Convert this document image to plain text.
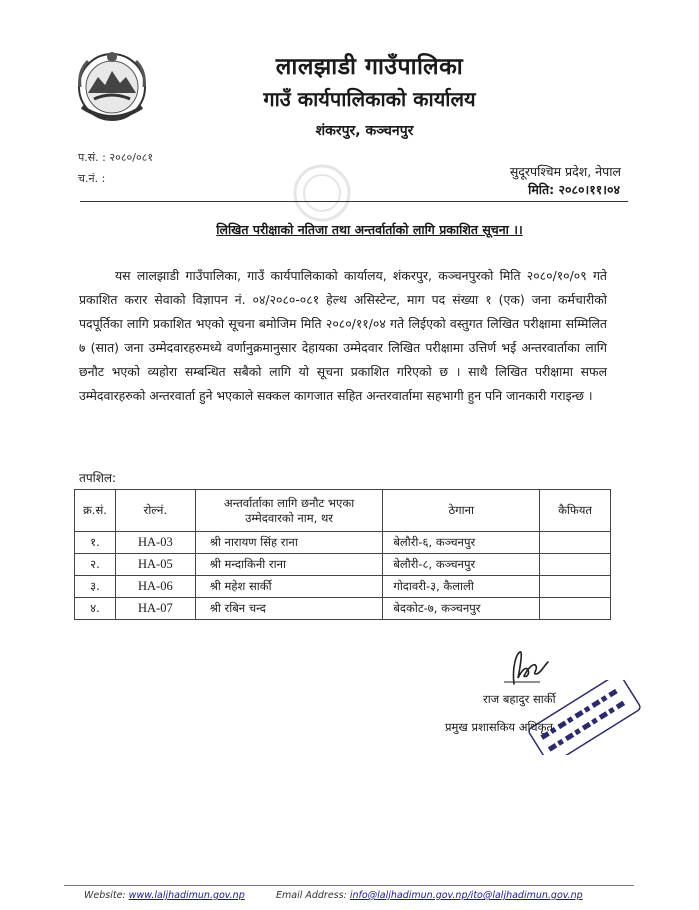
लालझाडी गाउँपालिका
गाउँ कार्यपालिकाको कार्यालय
शंकरपुर, कञ्चनपुर
प.सं. : २०८०/०८१
च.नं. :	सुदूरपश्चिम प्रदेश, नेपाल
मिति: २०८०।११।०४
लिखित परीक्षाको नतिजा तथा अन्तर्वार्ताको लागि प्रकाशित सूचना ।।
यस लालझाडी गाउँपालिका, गाउँ कार्यपालिकाको कार्यालय, शंकरपुर, कञ्चनपुरको मिति २०८०/१०/०९ गते प्रकाशित करार सेवाको विज्ञापन नं. ०४/२०८०-०८१ हेल्थ असिस्टेन्ट, माग पद संख्या १ (एक) जना कर्मचारीको पदपूर्तिका लागि प्रकाशित भएको सूचना बमोजिम मिति २०८०/११/०४ गते लिईएको वस्तुगत लिखित परीक्षामा सम्मिलित ७ (सात) जना उम्मेदवारहरुमध्ये वर्णानुक्रमानुसार देहायका उम्मेदवार लिखित परीक्षामा उत्तिर्ण भई अन्तरवार्ताका लागि छनौट भएको व्यहोरा सम्बन्धित सबैको लागि यो सूचना प्रकाशित गरिएको छ । साथै लिखित परीक्षामा सफल उम्मेदवारहरुको अन्तरवार्ता हुने भएकाले सक्कल कागजात सहित अन्तरवार्तामा सहभागी हुन पनि जानकारी गराइन्छ ।
तपशिल:
क्र.सं.	रोल्नं.	अन्तर्वार्ताका लागि छनौट भएका उम्मेदवारको नाम, थर	ठेगाना	कैफियत
१.	HA-03	श्री नारायण सिंह राना	बेलौरी-६, कञ्चनपुर	
२.	HA-05	श्री मन्दाकिनी राना	बेलौरी-८, कञ्चनपुर	
३.	HA-06	श्री महेश सार्की	गोदावरी-३, कैलाली	
४.	HA-07	श्री रबिन चन्द	बेदकोट-७, कञ्चनपुर	
राज बहादुर सार्की
प्रमुख प्रशासकिय अधिकृत
Website: www.laljhadimun.gov.np	Email Address: info@laljhadimun.gov.np/ito@laljhadimun.gov.np
